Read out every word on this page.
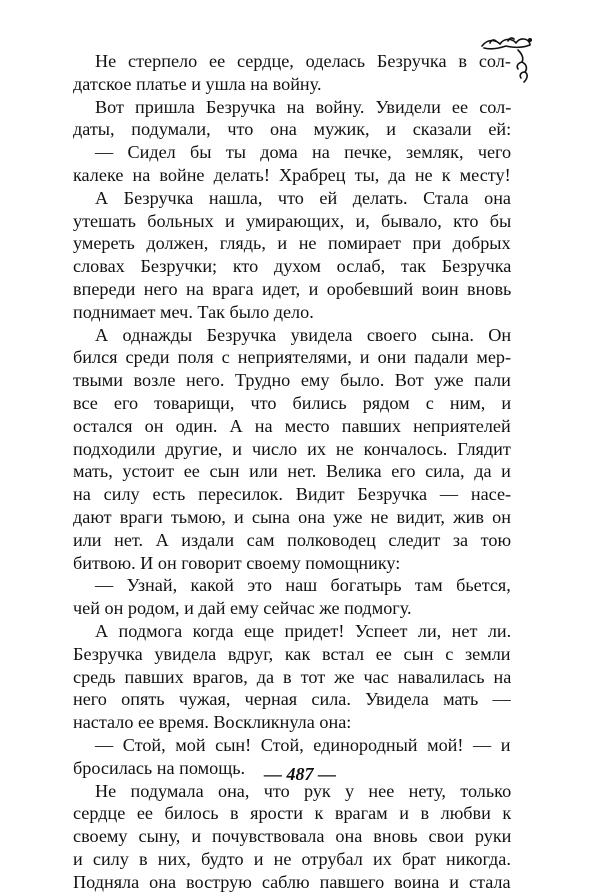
Не стерпело ее сердце, оделась Безручка в сол-
датское платье и ушла на войну.
Вот пришла Безручка на войну. Увидели ее сол-
даты, подумали, что она мужик, и сказали ей:
— Сидел бы ты дома на печке, земляк, чего
калеке на войне делать! Храбрец ты, да не к месту!
А Безручка нашла, что ей делать. Стала она
утешать больных и умирающих, и, бывало, кто бы
умереть должен, глядь, и не помирает при добрых
словах Безручки; кто духом ослаб, так Безручка
впереди него на врага идет, и оробевший воин вновь
поднимает меч. Так было дело.
А однажды Безручка увидела своего сына. Он
бился среди поля с неприятелями, и они падали мер-
твыми возле него. Трудно ему было. Вот уже пали
все его товарищи, что бились рядом с ним, и
остался он один. А на место павших неприятелей
подходили другие, и число их не кончалось. Глядит
мать, устоит ее сын или нет. Велика его сила, да и
на силу есть пересилок. Видит Безручка — насе-
дают враги тьмою, и сына она уже не видит, жив он
или нет. А издали сам полководец следит за тою
битвою. И он говорит своему помощнику:
— Узнай, какой это наш богатырь там бьется,
чей он родом, и дай ему сейчас же подмогу.
А подмога когда еще придет! Успеет ли, нет ли.
Безручка увидела вдруг, как встал ее сын с земли
средь павших врагов, да в тот же час навалилась на
него опять чужая, черная сила. Увидела мать —
настало ее время. Воскликнула она:
— Стой, мой сын! Стой, единородный мой! — и
бросилась на помощь.
Не подумала она, что рук у нее нету, только
сердце ее билось в ярости к врагам и в любви к
своему сыну, и почувствовала она вновь свои руки
и силу в них, будто и не отрубал их брат никогда.
Подняла она вострую саблю павшего воина и стала
— 487 —
